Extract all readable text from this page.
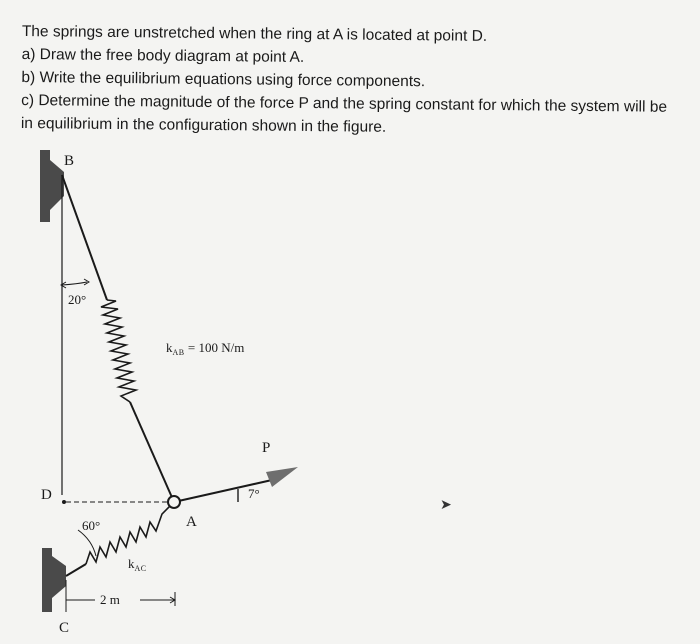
The springs are unstretched when the ring at A is located at point D.

a) Draw the free body diagram at point A.

b) Write the equilibrium equations using force components.

c) Determine the magnitude of the force P and the spring constant for which the system will be

in equilibrium in the configuration shown in the figure.

B
20°
$k_{AB} = 100$ N/m
P
D	7°
A
60°
$k_{AC}$
2 m
C
➤
